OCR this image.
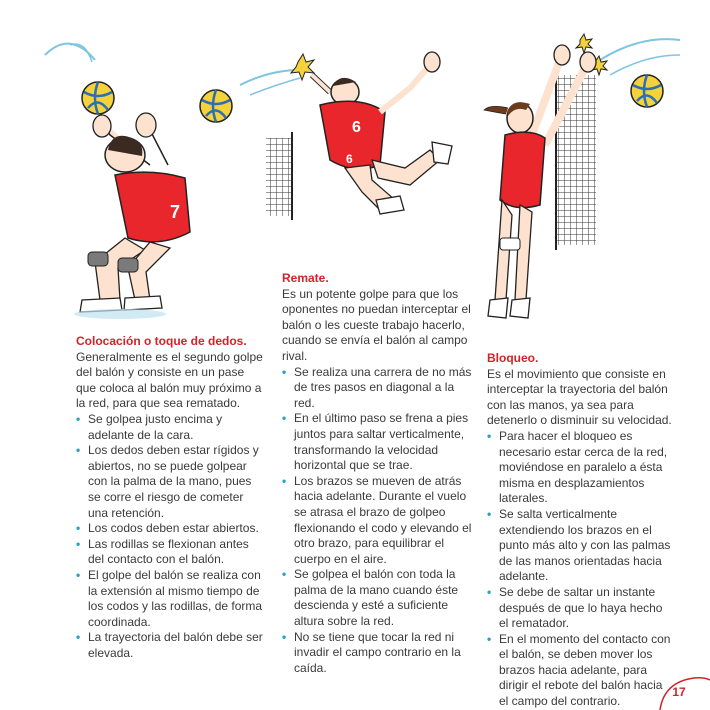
7
6
6
Colocación o toque de dedos.

Generalmente es el segundo golpe del balón y consiste en un pase que coloca al balón muy próximo a la red, para que sea rematado.

• Se golpea justo encima y adelante de la cara.
• Los dedos deben estar rígidos y abiertos, no se puede golpear con la palma de la mano, pues se corre el riesgo de cometer una retención.
• Los codos deben estar abiertos.
• Las rodillas se flexionan antes del contacto con el balón.
• El golpe del balón se realiza con la extensión al mismo tiempo de los codos y las rodillas, de forma coordinada.
• La trayectoria del balón debe ser elevada.
Remate.

Es un potente golpe para que los oponentes no puedan interceptar el balón o les cueste trabajo hacerlo, cuando se envía el balón al campo rival.

• Se realiza una carrera de no más de tres pasos en diagonal a la red.
• En el último paso se frena a pies juntos para saltar verticalmente, transformando la velocidad horizontal que se trae.
• Los brazos se mueven de atrás hacia adelante. Durante el vuelo se atrasa el brazo de golpeo flexionando el codo y elevando el otro brazo, para equilibrar el cuerpo en el aire.
• Se golpea el balón con toda la palma de la mano cuando éste descienda y esté a suficiente altura sobre la red.
• No se tiene que tocar la red ni invadir el campo contrario en la caída.
Bloqueo.

Es el movimiento que consiste en interceptar la trayectoria del balón con las manos, ya sea para detenerlo o disminuir su velocidad.

• Para hacer el bloqueo es necesario estar cerca de la red, moviéndose en paralelo a ésta misma en desplazamientos laterales.
• Se salta verticalmente extendiendo los brazos en el punto más alto y con las palmas de las manos orientadas hacia adelante.
• Se debe de saltar un instante después de que lo haya hecho el rematador.
• En el momento del contacto con el balón, se deben mover los brazos hacia adelante, para dirigir el rebote del balón hacia el campo del contrario.
17
